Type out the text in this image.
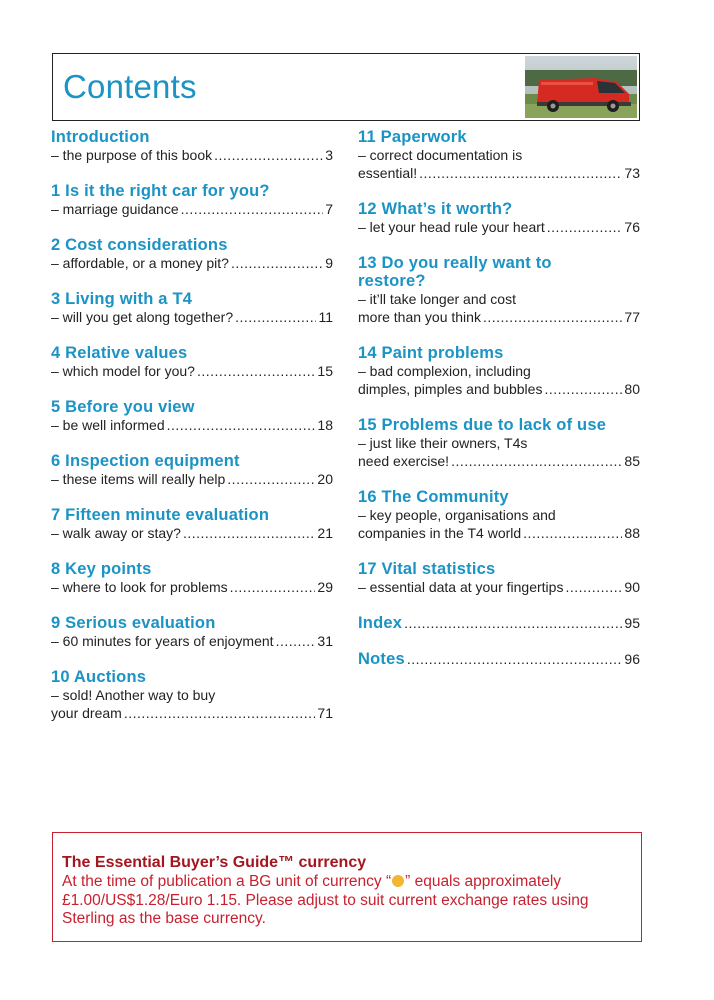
Contents
Introduction
– the purpose of this book .....	3
1 Is it the right car for you?
– marriage guidance .....	7
2 Cost considerations
– affordable, or a money pit? .....	9
3 Living with a T4
– will you get along together? .....	11
4 Relative values
– which model for you? .....	15
5 Before you view
– be well informed .....	18
6 Inspection equipment
– these items will really help .....	20
7 Fifteen minute evaluation
– walk away or stay? .....	21
8 Key points
– where to look for problems .....	29
9 Serious evaluation
– 60 minutes for years of enjoyment .....	31
10 Auctions
– sold! Another way to buy
your dream .....	71
11 Paperwork
– correct documentation is
essential! .....	73
12 What’s it worth?
– let your head rule your heart .....	76
13 Do you really want to restore?
– it’ll take longer and cost
more than you think .....	77
14 Paint problems
– bad complexion, including
dimples, pimples and bubbles .....	80
15 Problems due to lack of use
– just like their owners, T4s
need exercise! .....	85
16 The Community
– key people, organisations and
companies in the T4 world .....	88
17 Vital statistics
– essential data at your fingertips .....	90
Index .....	95
Notes .....	96
The Essential Buyer’s Guide™ currency
At the time of publication a BG unit of currency “ ” equals approximately £1.00/US$1.28/Euro 1.15. Please adjust to suit current exchange rates using Sterling as the base currency.
